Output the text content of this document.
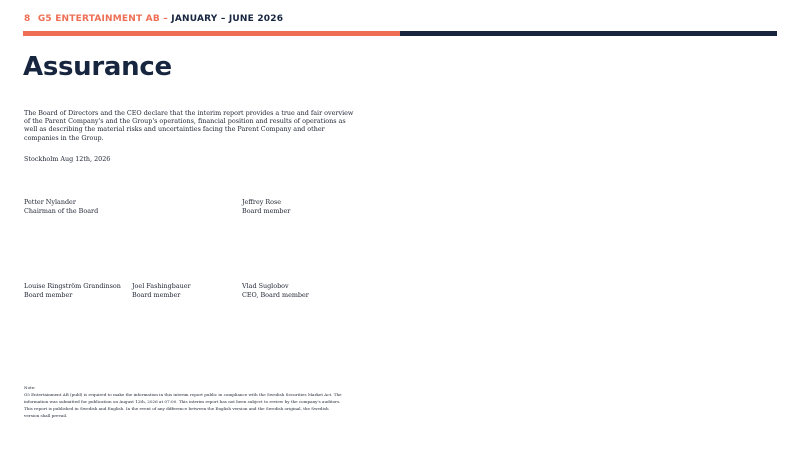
8 G5 ENTERTAINMENT AB – JANUARY – JUNE 2026
Assurance

The Board of Directors and the CEO declare that the interim report provides a true and fair overview of the Parent Company's and the Group's operations, financial position and results of operations as well as describing the material risks and uncertainties facing the Parent Company and other companies in the Group.

Stockholm Aug 12th, 2026

Petter Nylander
Chairman of the Board
Jeffrey Rose
Board member
Louise Ringström Grandinson
Board member
Joel Fashingbauer
Board member
Vlad Suglobov
CEO, Board member

Note:
G5 Entertainment AB (publ) is required to make the information in this interim report public in compliance with the Swedish Securities Market Act. The information was submitted for publication on August 12th, 2026 at 07:00. This interim report has not been subject to review by the company's auditors. This report is published in Swedish and English. In the event of any difference between the English version and the Swedish original, the Swedish version shall prevail.
